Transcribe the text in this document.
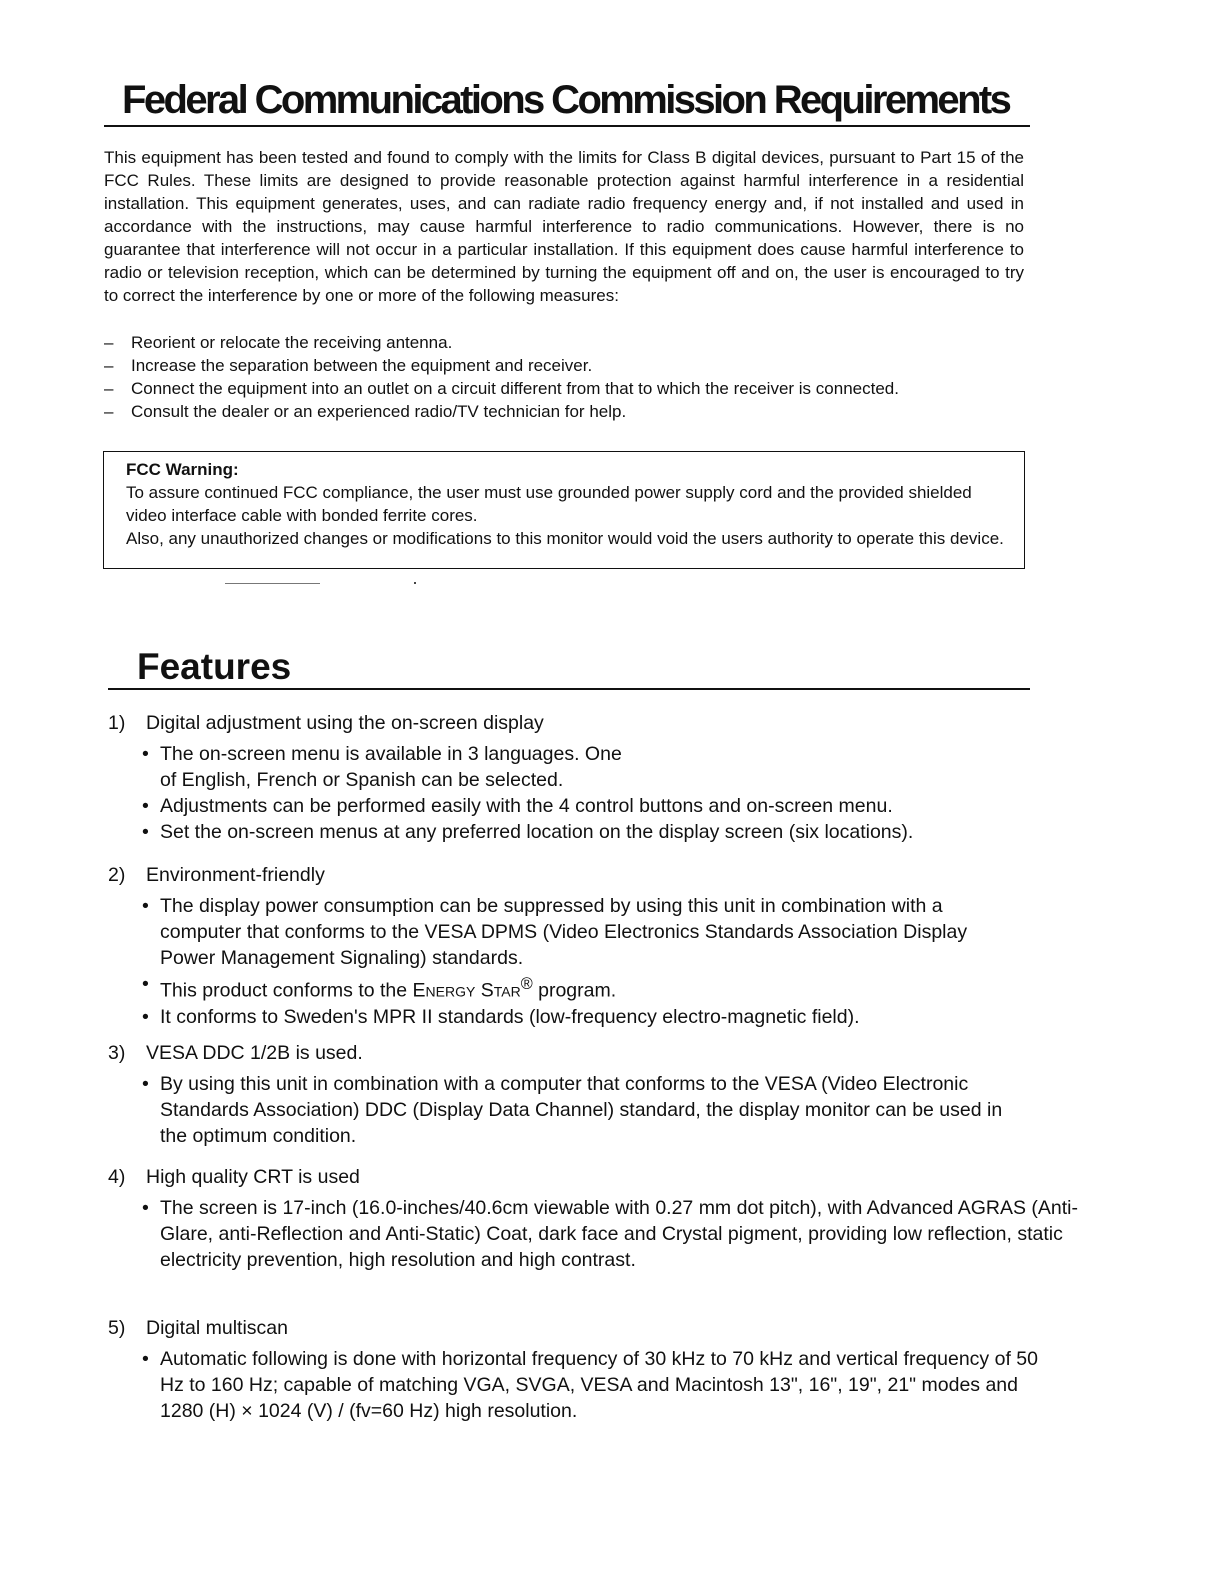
Federal Communications Commission Requirements

This equipment has been tested and found to comply with the limits for Class B digital devices, pursuant to Part 15 of the FCC Rules. These limits are designed to provide reasonable protection against harmful interference in a residential installation. This equipment generates, uses, and can radiate radio frequency energy and, if not installed and used in accordance with the instructions, may cause harmful interference to radio communications. However, there is no guarantee that interference will not occur in a particular installation. If this equipment does cause harmful interference to radio or television reception, which can be determined by turning the equipment off and on, the user is encouraged to try to correct the interference by one or more of the following measures:

– Reorient or relocate the receiving antenna.
– Increase the separation between the equipment and receiver.
– Connect the equipment into an outlet on a circuit different from that to which the receiver is connected.
– Consult the dealer or an experienced radio/TV technician for help.
FCC Warning:

To assure continued FCC compliance, the user must use grounded power supply cord and the provided shielded video interface cable with bonded ferrite cores.

Also, any unauthorized changes or modifications to this monitor would void the users authority to operate this device.

Features

1) Digital adjustment using the on-screen display

• The on-screen menu is available in 3 languages. One of English, French or Spanish can be selected.
• Adjustments can be performed easily with the 4 control buttons and on-screen menu.
• Set the on-screen menus at any preferred location on the display screen (six locations).

2) Environment-friendly

• The display power consumption can be suppressed by using this unit in combination with a computer that conforms to the VESA DPMS (Video Electronics Standards Association Display Power Management Signaling) standards.
• This product conforms to the Energy Star® program.
• It conforms to Sweden's MPR II standards (low-frequency electro-magnetic field).

3) VESA DDC 1/2B is used.

• By using this unit in combination with a computer that conforms to the VESA (Video Electronic Standards Association) DDC (Display Data Channel) standard, the display monitor can be used in the optimum condition.

4) High quality CRT is used

• The screen is 17-inch (16.0-inches/40.6cm viewable with 0.27 mm dot pitch), with Advanced AGRAS (Anti-Glare, anti-Reflection and Anti-Static) Coat, dark face and Crystal pigment, providing low reflection, static electricity prevention, high resolution and high contrast.

5) Digital multiscan

• Automatic following is done with horizontal frequency of 30 kHz to 70 kHz and vertical frequency of 50 Hz to 160 Hz; capable of matching VGA, SVGA, VESA and Macintosh 13", 16", 19", 21" modes and 1280 (H) × 1024 (V) / (fv=60 Hz) high resolution.
